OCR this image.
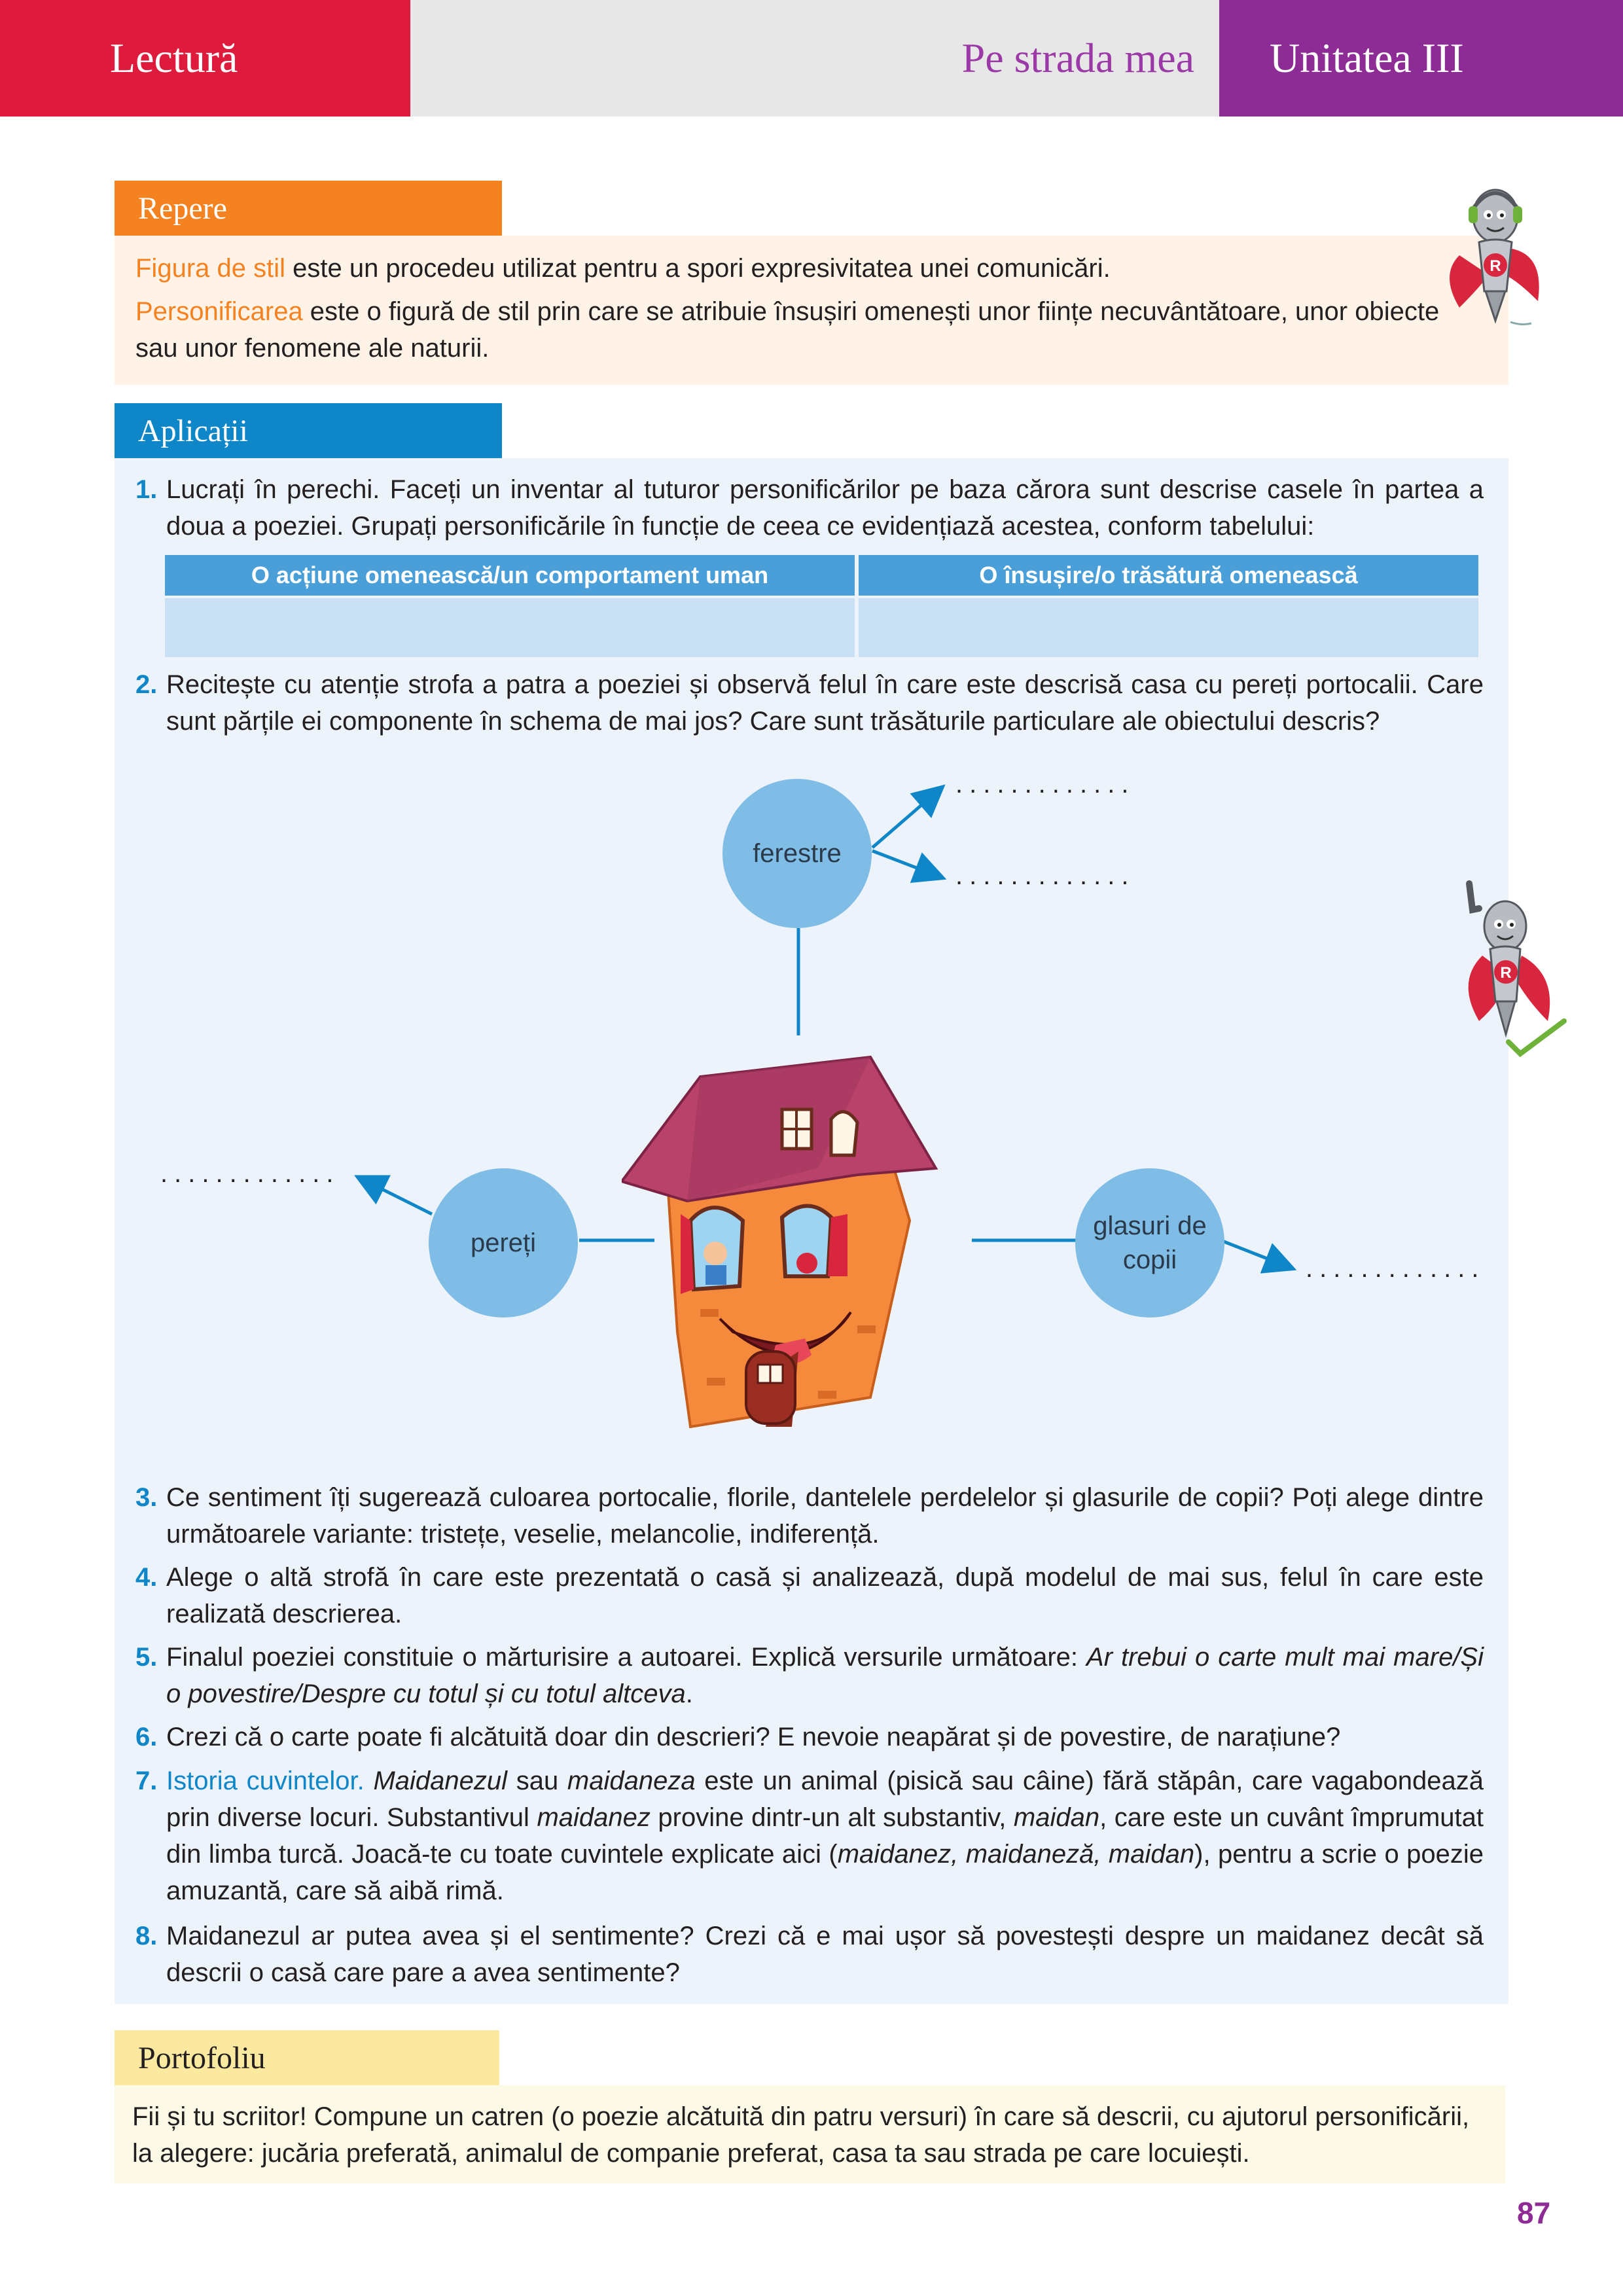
Lectură	Pe strada mea Unitatea III
Repere

Figura de stil este un procedeu utilizat pentru a spori expresivitatea unei comunicări.

Personificarea este o figură de stil prin care se atribuie însușiri omenești unor ființe necuvântătoare, unor obiecte sau unor fenomene ale naturii.

R
Aplicații
1. Lucrați în perechi. Faceți un inventar al tuturor personificărilor pe baza cărora sunt descrise casele în partea a doua a poeziei. Grupați personificările în funcție de ceea ce evidențiază acestea, conform tabelului:
O acțiune omenească/un comportament uman	O însușire/o trăsătură omenească
2. Recitește cu atenție strofa a patra a poeziei și observă felul în care este descrisă casa cu pereți portocalii. Care sunt părțile ei componente în schema de mai jos? Care sunt trăsăturile particulare ale obiectului descris?
ferestre
pereți
glasuri de copii
.............
.............
.............
.............
R
3. Ce sentiment îți sugerează culoarea portocalie, florile, dantelele perdelelor și glasurile de copii? Poți alege dintre următoarele variante: tristețe, veselie, melancolie, indiferență.
4. Alege o altă strofă în care este prezentată o casă și analizează, după modelul de mai sus, felul în care este realizată descrierea.
5. Finalul poeziei constituie o mărturisire a autoarei. Explică versurile următoare: Ar trebui o carte mult mai mare/Și o povestire/Despre cu totul și cu totul altceva.
6. Crezi că o carte poate fi alcătuită doar din descrieri? E nevoie neapărat și de povestire, de narațiune?
7. Istoria cuvintelor. Maidanezul sau maidaneza este un animal (pisică sau câine) fără stăpân, care vagabondează prin diverse locuri. Substantivul maidanez provine dintr-un alt substantiv, maidan, care este un cuvânt împrumutat din limba turcă. Joacă-te cu toate cuvintele explicate aici (maidanez, maidaneză, maidan), pentru a scrie o poezie amuzantă, care să aibă rimă.
8. Maidanezul ar putea avea și el sentimente? Crezi că e mai ușor să povestești despre un maidanez decât să descrii o casă care pare a avea sentimente?
Portofoliu

Fii și tu scriitor! Compune un catren (o poezie alcătuită din patru versuri) în care să descrii, cu ajutorul personificării, la alegere: jucăria preferată, animalul de companie preferat, casa ta sau strada pe care locuiești.

87
